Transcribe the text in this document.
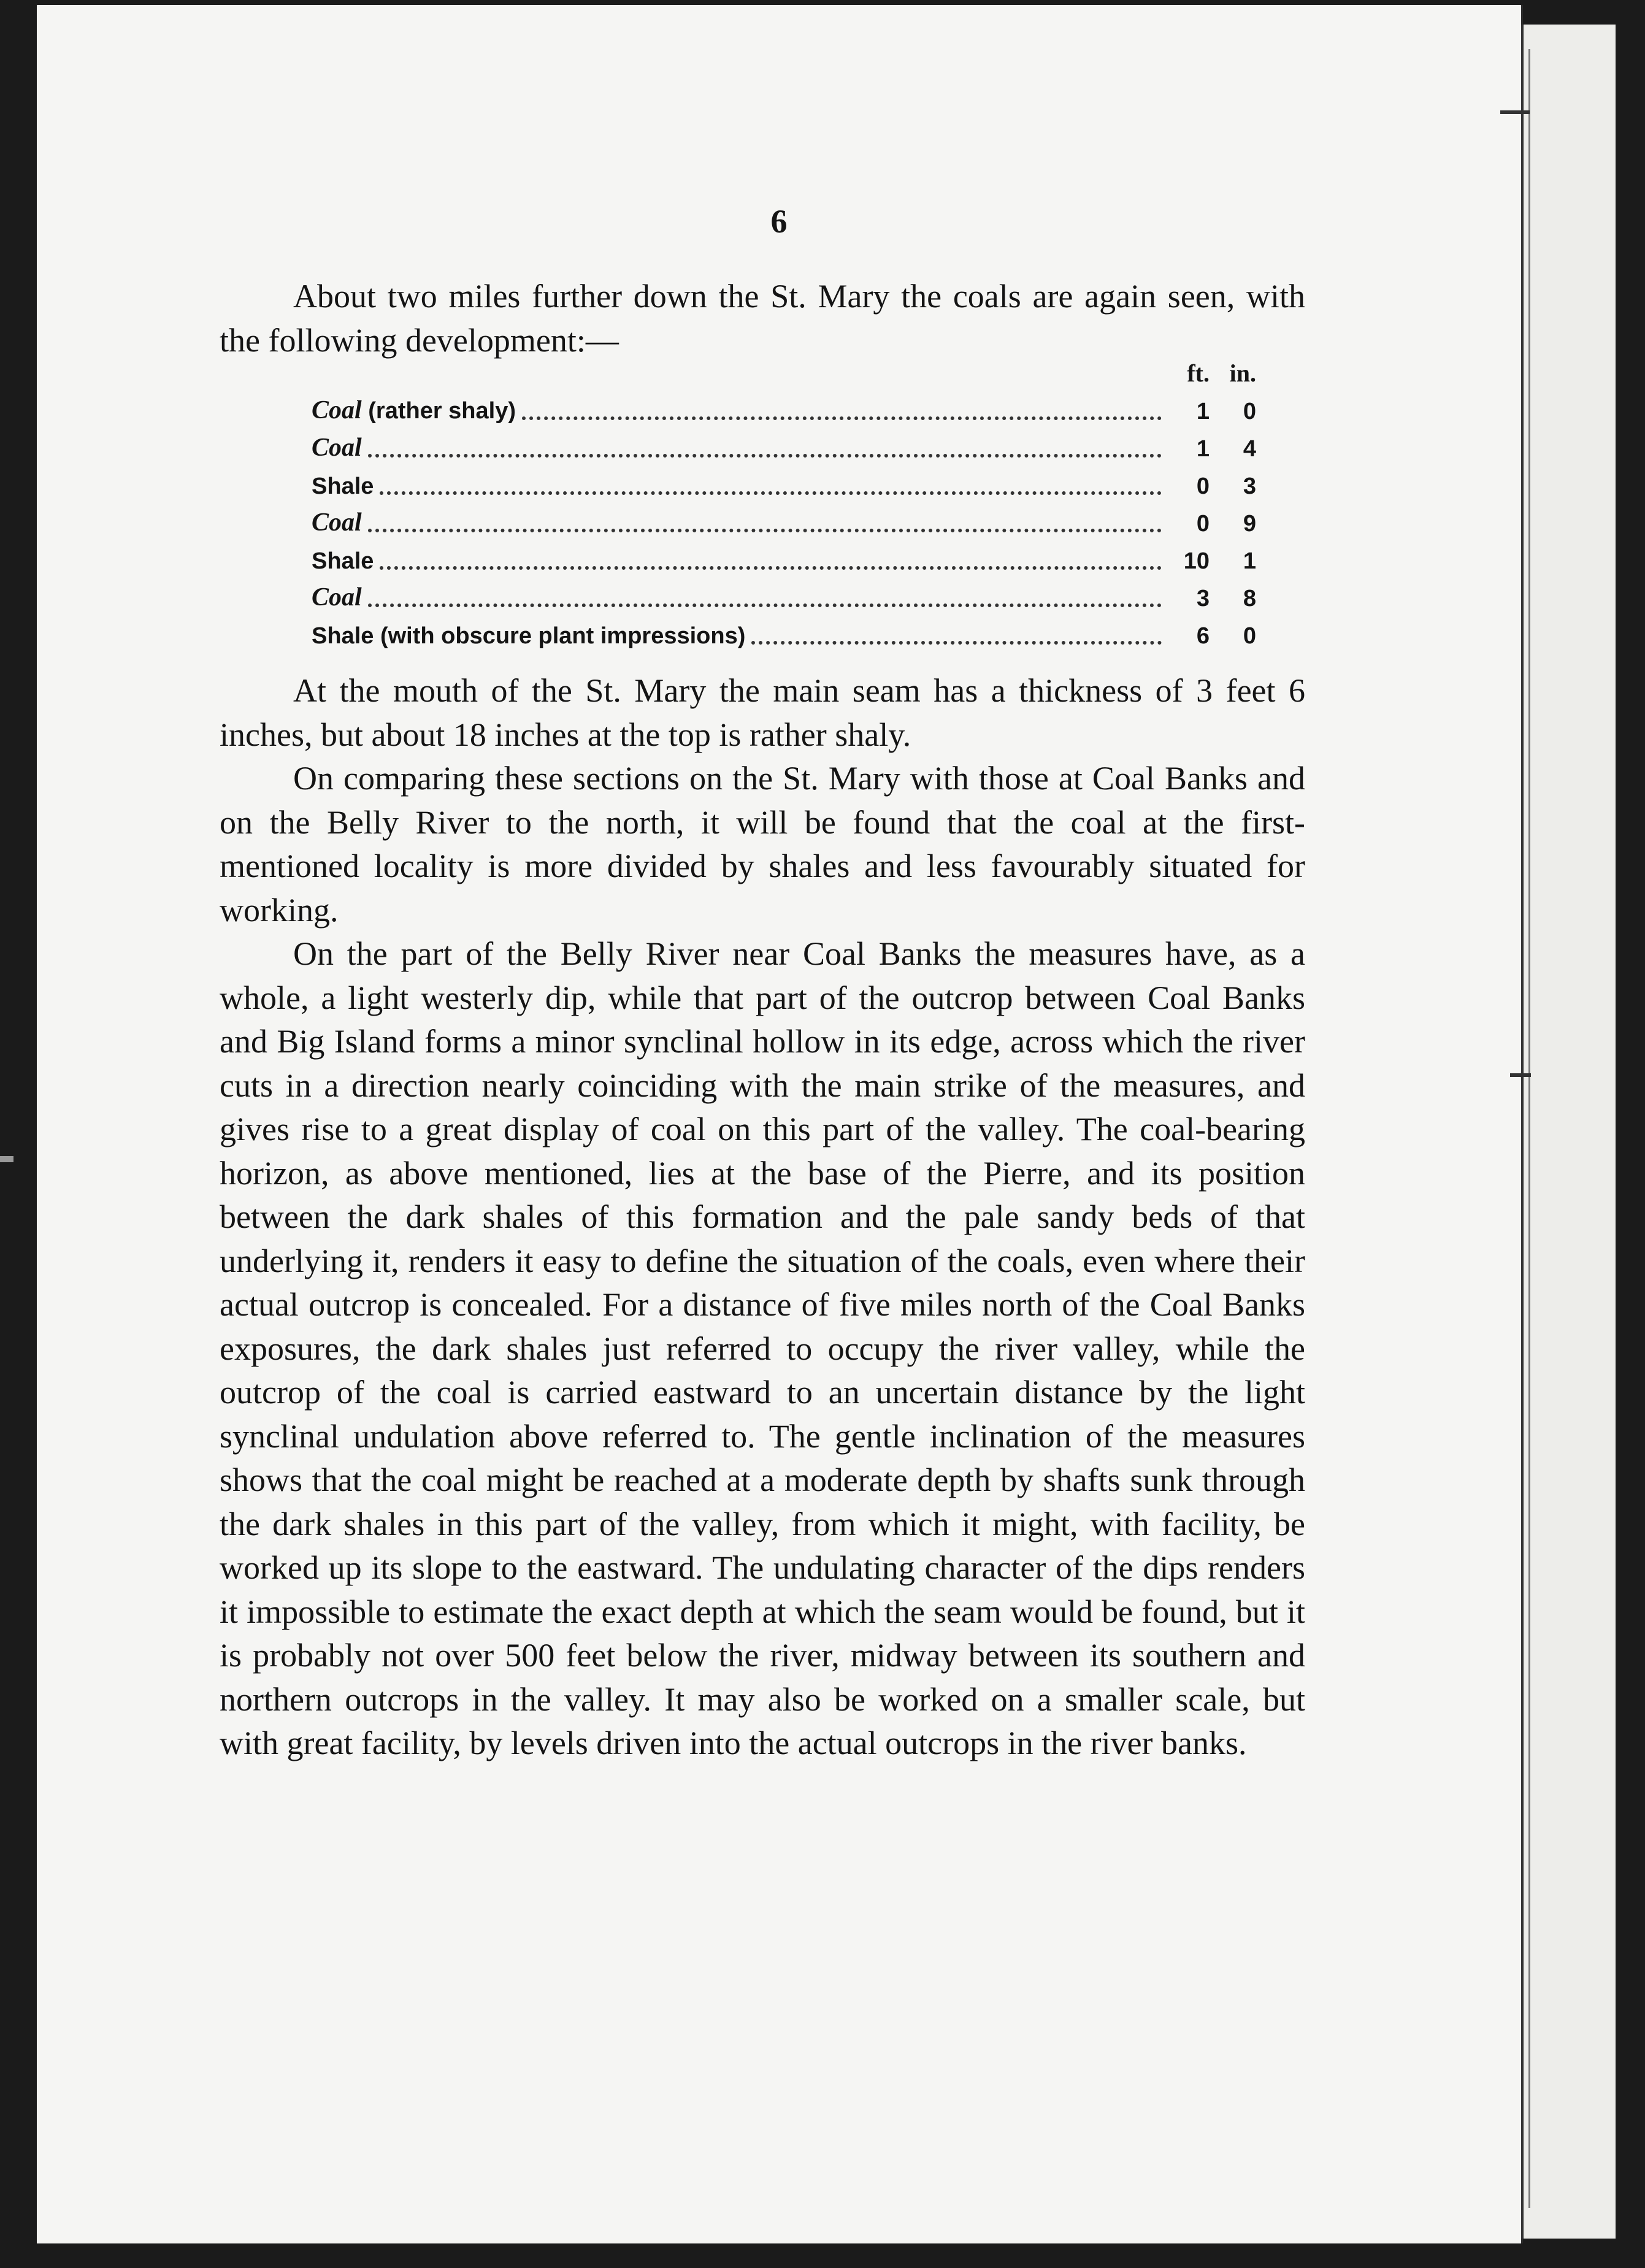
6
About two miles further down the St. Mary the coals are again seen, with the following development:—
ft. in.
Coal (rather shaly)	1	0
Coal	1	4
Shale	0	3
Coal	0	9
Shale	10	1
Coal	3	8
Shale (with obscure plant impressions)	6	0
At the mouth of the St. Mary the main seam has a thickness of 3 feet 6 inches, but about 18 inches at the top is rather shaly.
On comparing these sections on the St. Mary with those at Coal Banks and on the Belly River to the north, it will be found that the coal at the first-mentioned locality is more divided by shales and less favourably situated for working.
On the part of the Belly River near Coal Banks the measures have, as a whole, a light westerly dip, while that part of the outcrop between Coal Banks and Big Island forms a minor synclinal hollow in its edge, across which the river cuts in a direction nearly coinciding with the main strike of the measures, and gives rise to a great display of coal on this part of the valley. The coal-bearing horizon, as above mentioned, lies at the base of the Pierre, and its position between the dark shales of this formation and the pale sandy beds of that underlying it, renders it easy to define the situation of the coals, even where their actual outcrop is concealed. For a distance of five miles north of the Coal Banks exposures, the dark shales just referred to occupy the river valley, while the outcrop of the coal is carried eastward to an uncertain distance by the light synclinal undulation above referred to. The gentle inclination of the measures shows that the coal might be reached at a moderate depth by shafts sunk through the dark shales in this part of the valley, from which it might, with facility, be worked up its slope to the eastward. The undulating character of the dips renders it impossible to estimate the exact depth at which the seam would be found, but it is probably not over 500 feet below the river, midway between its southern and northern outcrops in the valley. It may also be worked on a smaller scale, but with great facility, by levels driven into the actual outcrops in the river banks.
